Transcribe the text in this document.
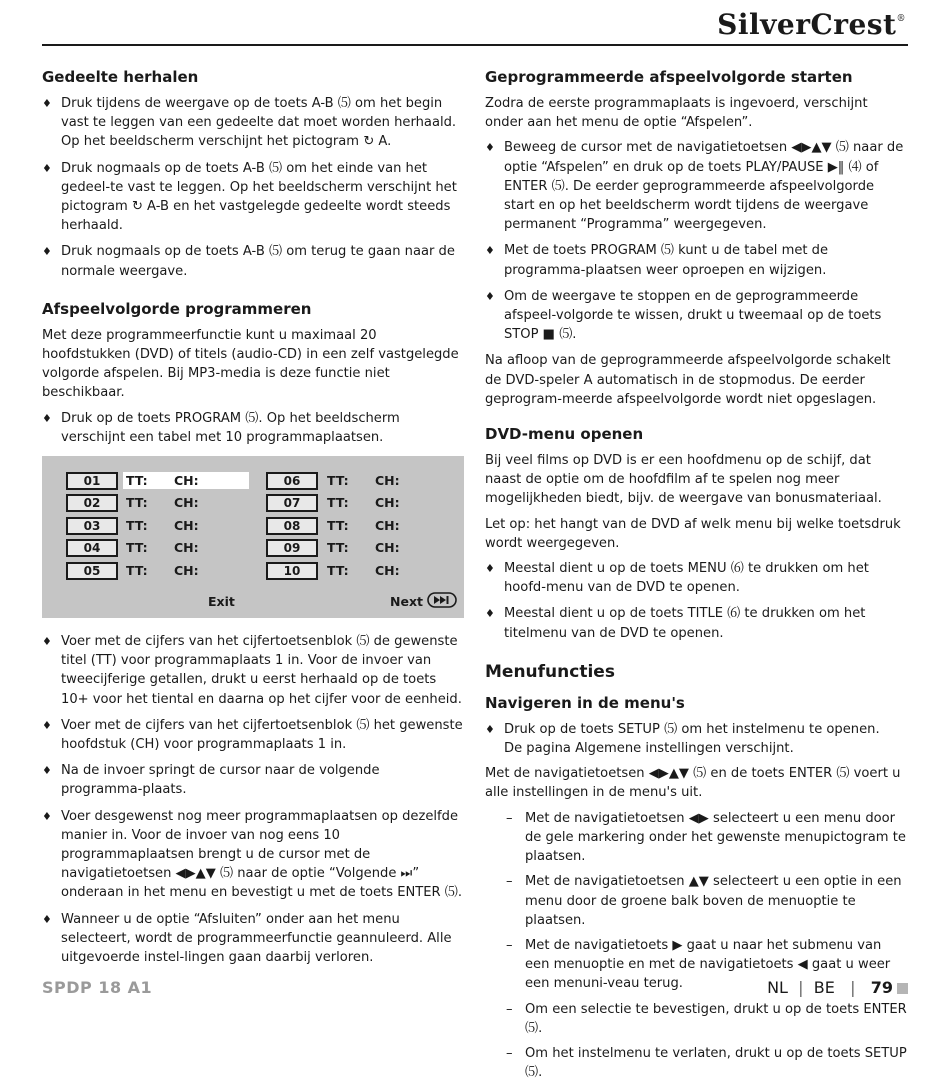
SilverCrest®
Gedeelte herhalen
♦ Druk tijdens de weergave op de toets A-B ⑸ om het begin vast te leggen van een gedeelte dat moet worden herhaald. Op het beeldscherm verschijnt het pictogram ↻ A.
♦ Druk nogmaals op de toets A-B ⑸ om het einde van het gedeel-te vast te leggen. Op het beeldscherm verschijnt het pictogram ↻ A-B en het vastgelegde gedeelte wordt steeds herhaald.
♦ Druk nogmaals op de toets A-B ⑸ om terug te gaan naar de normale weergave.
Afspeelvolgorde programmeren

Met deze programmeerfunctie kunt u maximaal 20 hoofdstukken (DVD) of titels (audio-CD) in een zelf vastgelegde volgorde afspelen. Bij MP3-media is deze functie niet beschikbaar.

♦ Druk op de toets PROGRAM ⑸. Op het beeldscherm verschijnt een tabel met 10 programmaplaatsen.
01	TT: CH:	06	TT: CH:
02	TT: CH:	07	TT: CH:
03	TT: CH:	08	TT: CH:
04	TT: CH:	09	TT: CH:
05	TT: CH:	10	TT: CH:
Exit	Next
♦ Voer met de cijfers van het cijfertoetsenblok ⑸ de gewenste titel (TT) voor programmaplaats 1 in. Voor de invoer van tweecijferige getallen, drukt u eerst herhaald op de toets 10+ voor het tiental en daarna op het cijfer voor de eenheid.
♦ Voer met de cijfers van het cijfertoetsenblok ⑸ het gewenste hoofdstuk (CH) voor programmaplaats 1 in.
♦ Na de invoer springt de cursor naar de volgende programma-plaats.
♦ Voer desgewenst nog meer programmaplaatsen op dezelfde manier in. Voor de invoer van nog eens 10 programmaplaatsen brengt u de cursor met de navigatietoetsen ◀▶▲▼ ⑸ naar de optie “Volgende ⏭” onderaan in het menu en bevestigt u met de toets ENTER ⑸.
♦ Wanneer u de optie “Afsluiten” onder aan het menu selecteert, wordt de programmeerfunctie geannuleerd. Alle uitgevoerde instel-lingen gaan daarbij verloren.
Geprogrammeerde afspeelvolgorde starten

Zodra de eerste programmaplaats is ingevoerd, verschijnt onder aan het menu de optie “Afspelen”.

♦ Beweeg de cursor met de navigatietoetsen ◀▶▲▼ ⑸ naar de optie “Afspelen” en druk op de toets PLAY/PAUSE ▶‖ ⑷ of ENTER ⑸. De eerder geprogrammeerde afspeelvolgorde start en op het beeldscherm wordt tijdens de weergave permanent “Programma” weergegeven.
♦ Met de toets PROGRAM ⑸ kunt u de tabel met de programma-plaatsen weer oproepen en wijzigen.
♦ Om de weergave te stoppen en de geprogrammeerde afspeel-volgorde te wissen, drukt u tweemaal op de toets STOP ■ ⑸.

Na afloop van de geprogrammeerde afspeelvolgorde schakelt de DVD-speler A automatisch in de stopmodus. De eerder geprogram-meerde afspeelvolgorde wordt niet opgeslagen.

DVD-menu openen

Bij veel films op DVD is er een hoofdmenu op de schijf, dat naast de optie om de hoofdfilm af te spelen nog meer mogelijkheden biedt, bijv. de weergave van bonusmateriaal.

Let op: het hangt van de DVD af welk menu bij welke toetsdruk wordt weergegeven.

♦ Meestal dient u op de toets MENU ⑹ te drukken om het hoofd-menu van de DVD te openen.
♦ Meestal dient u op de toets TITLE ⑹ te drukken om het titelmenu van de DVD te openen.
Menufuncties
Navigeren in de menu's
♦ Druk op de toets SETUP ⑸ om het instelmenu te openen.

De pagina Algemene instellingen verschijnt.

Met de navigatietoetsen ◀▶▲▼ ⑸ en de toets ENTER ⑸ voert u alle instellingen in de menu's uit.

– Met de navigatietoetsen ◀▶ selecteert u een menu door de gele markering onder het gewenste menupictogram te plaatsen.
– Met de navigatietoetsen ▲▼ selecteert u een optie in een menu door de groene balk boven de menuoptie te plaatsen.
– Met de navigatietoets ▶ gaat u naar het submenu van een menuoptie en met de navigatietoets ◀ gaat u weer een menuni-veau terug.
– Om een selectie te bevestigen, drukt u op de toets ENTER ⑸.
– Om het instelmenu te verlaten, drukt u op de toets SETUP ⑸.
SPDP 18 A1	NL  |  BE   |   79
